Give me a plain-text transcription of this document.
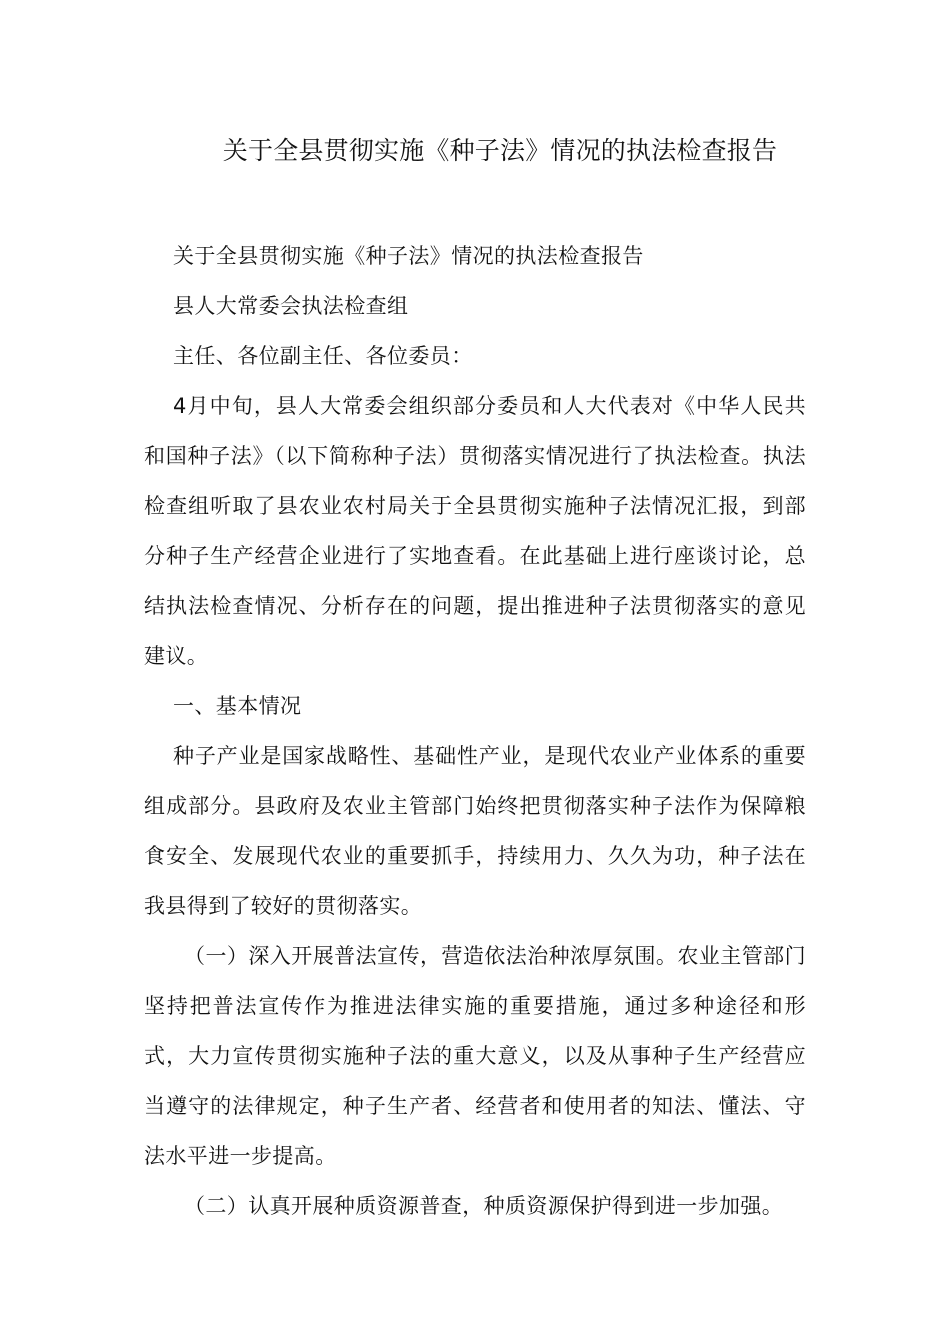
关于全县贯彻实施《种子法》情况的执法检查报告

关于全县贯彻实施《种子法》情况的执法检查报告

县人大常委会执法检查组

主任、各位副主任、各位委员：

4月中旬，县人大常委会组织部分委员和人大代表对《中华人民共和国种子法》（以下简称种子法）贯彻落实情况进行了执法检查。执法检查组听取了县农业农村局关于全县贯彻实施种子法情况汇报，到部分种子生产经营企业进行了实地查看。在此基础上进行座谈讨论，总结执法检查情况、分析存在的问题，提出推进种子法贯彻落实的意见建议。

一、基本情况

种子产业是国家战略性、基础性产业，是现代农业产业体系的重要组成部分。县政府及农业主管部门始终把贯彻落实种子法作为保障粮食安全、发展现代农业的重要抓手，持续用力、久久为功，种子法在我县得到了较好的贯彻落实。

（一）深入开展普法宣传，营造依法治种浓厚氛围。农业主管部门坚持把普法宣传作为推进法律实施的重要措施，通过多种途径和形式，大力宣传贯彻实施种子法的重大意义，以及从事种子生产经营应当遵守的法律规定，种子生产者、经营者和使用者的知法、懂法、守法水平进一步提高。

（二）认真开展种质资源普查，种质资源保护得到进一步加强。
